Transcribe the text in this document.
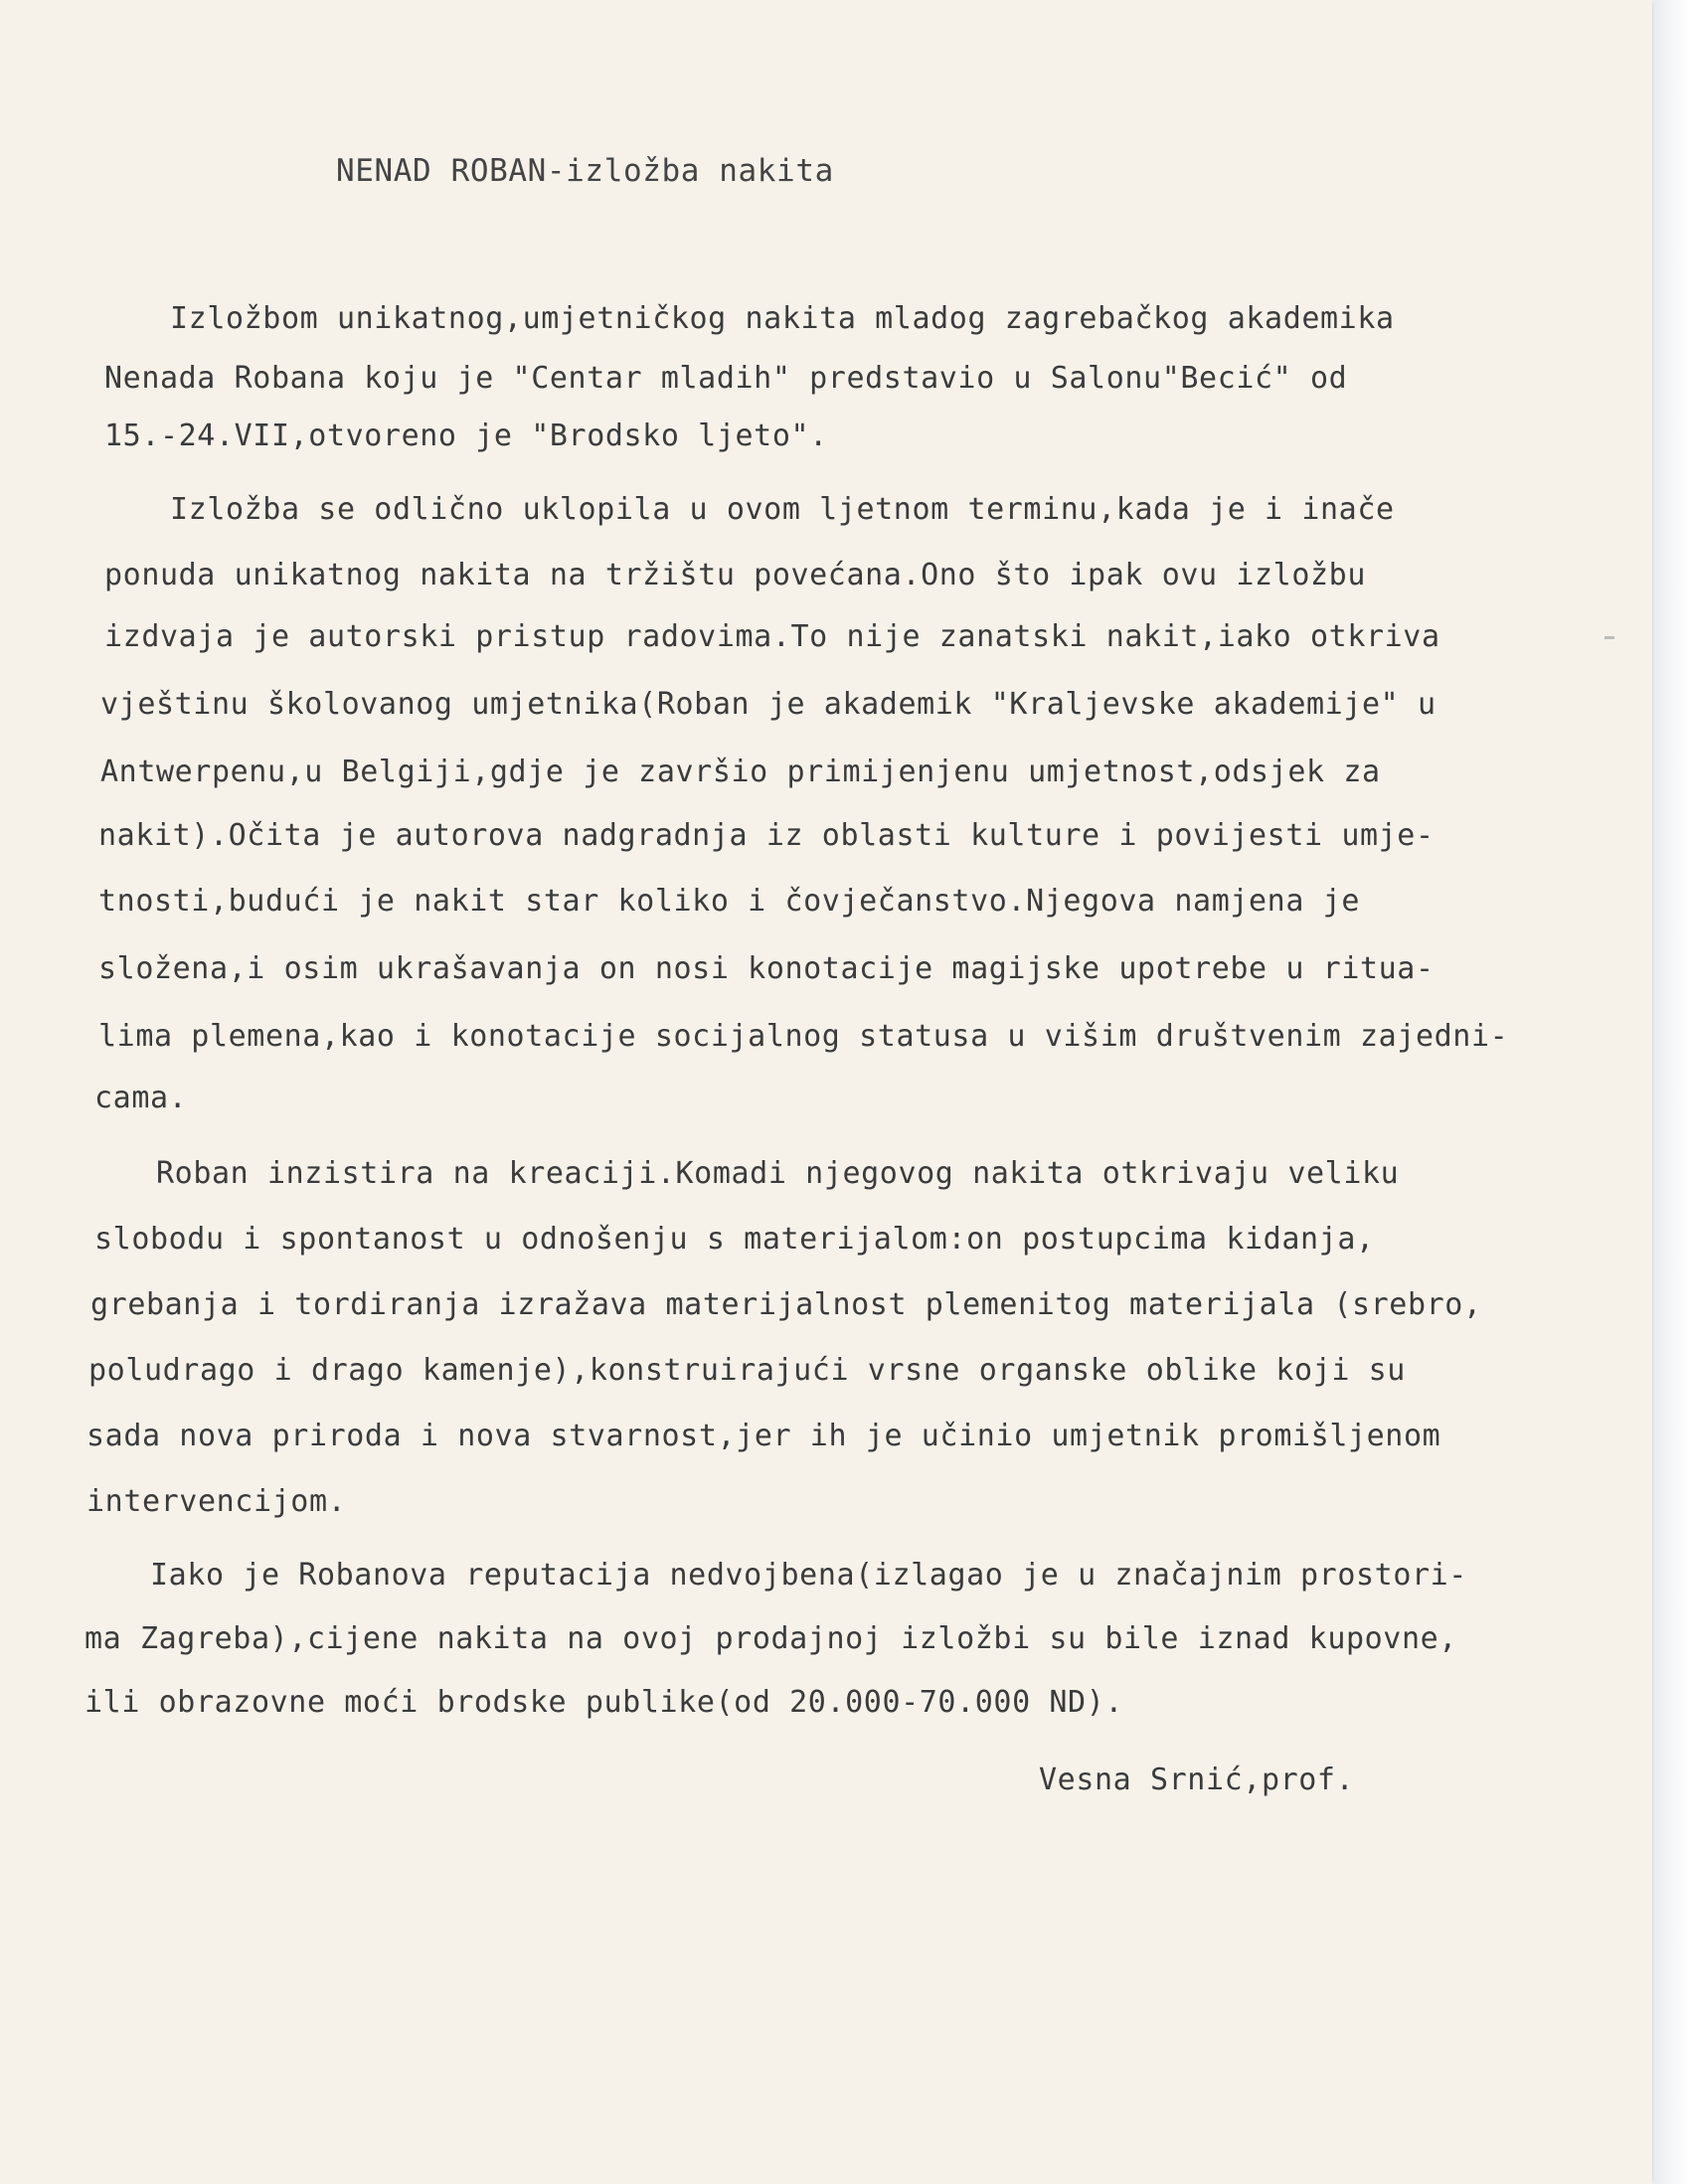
NENAD ROBAN-izložba nakita

Izložbom unikatnog,umjetničkog nakita mladog zagrebačkog akademika

Nenada Robana koju je "Centar mladih" predstavio u Salonu"Becić" od

15.-24.VII,otvoreno je "Brodsko ljeto".

Izložba se odlično uklopila u ovom ljetnom terminu,kada je i inače

ponuda unikatnog nakita na tržištu povećana.Ono što ipak ovu izložbu

izdvaja je autorski pristup radovima.To nije zanatski nakit,iako otkriva

vještinu školovanog umjetnika(Roban je akademik "Kraljevske akademije" u

Antwerpenu,u Belgiji,gdje je završio primijenjenu umjetnost,odsjek za

nakit).Očita je autorova nadgradnja iz oblasti kulture i povijesti umje-

tnosti,budući je nakit star koliko i čovječanstvo.Njegova namjena je

složena,i osim ukrašavanja on nosi konotacije magijske upotrebe u ritua-

lima plemena,kao i konotacije socijalnog statusa u višim društvenim zajedni-

cama.

Roban inzistira na kreaciji.Komadi njegovog nakita otkrivaju veliku

slobodu i spontanost u odnošenju s materijalom:on postupcima kidanja,

grebanja i tordiranja izražava materijalnost plemenitog materijala (srebro,

poludrago i drago kamenje),konstruirajući vrsne organske oblike koji su

sada nova priroda i nova stvarnost,jer ih je učinio umjetnik promišljenom

intervencijom.

Iako je Robanova reputacija nedvojbena(izlagao je u značajnim prostori-

ma Zagreba),cijene nakita na ovoj prodajnoj izložbi su bile iznad kupovne,

ili obrazovne moći brodske publike(od 20.000-70.000 ND).

Vesna Srnić,prof.
